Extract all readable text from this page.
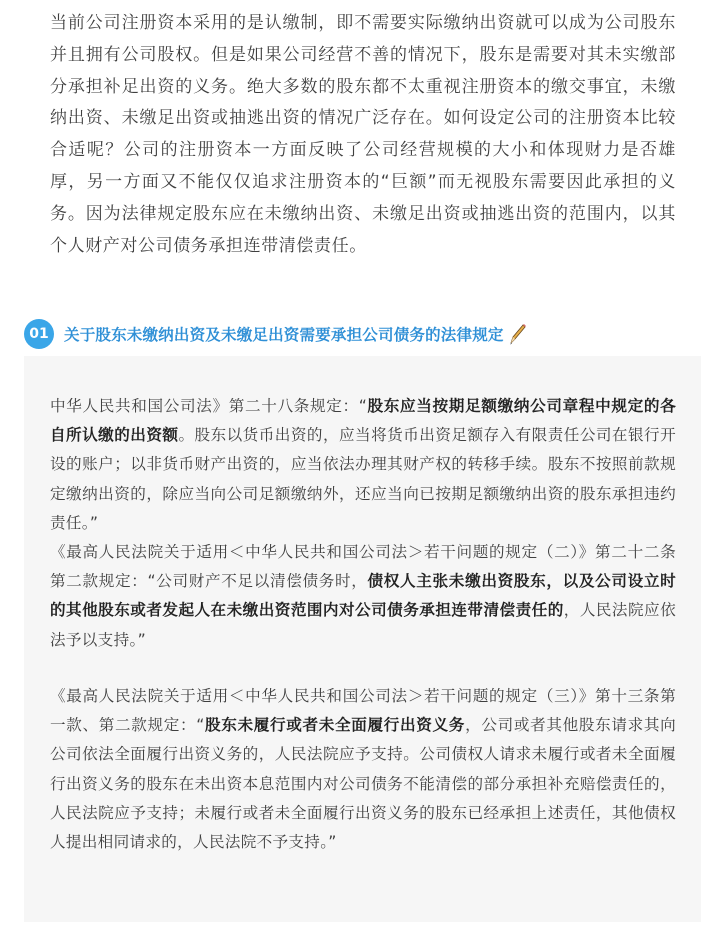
当前公司注册资本采用的是认缴制，即不需要实际缴纳出资就可以成为公司股东并且拥有公司股权。但是如果公司经营不善的情况下，股东是需要对其未实缴部分承担补足出资的义务。绝大多数的股东都不太重视注册资本的缴交事宜，未缴纳出资、未缴足出资或抽逃出资的情况广泛存在。如何设定公司的注册资本比较合适呢？公司的注册资本一方面反映了公司经营规模的大小和体现财力是否雄厚，另一方面又不能仅仅追求注册资本的“巨额”而无视股东需要因此承担的义务。因为法律规定股东应在未缴纳出资、未缴足出资或抽逃出资的范围内，以其个人财产对公司债务承担连带清偿责任。
01 关于股东未缴纳出资及未缴足出资需要承担公司债务的法律规定
中华人民共和国公司法》第二十八条规定：“股东应当按期足额缴纳公司章程中规定的各自所认缴的出资额。股东以货币出资的，应当将货币出资足额存入有限责任公司在银行开设的账户；以非货币财产出资的，应当依法办理其财产权的转移手续。股东不按照前款规定缴纳出资的，除应当向公司足额缴纳外，还应当向已按期足额缴纳出资的股东承担违约责任。”
《最高人民法院关于适用＜中华人民共和国公司法＞若干问题的规定（二）》第二十二条第二款规定：“公司财产不足以清偿债务时，债权人主张未缴出资股东，以及公司设立时的其他股东或者发起人在未缴出资范围内对公司债务承担连带清偿责任的，人民法院应依法予以支持。”
《最高人民法院关于适用＜中华人民共和国公司法＞若干问题的规定（三）》第十三条第一款、第二款规定：“股东未履行或者未全面履行出资义务，公司或者其他股东请求其向公司依法全面履行出资义务的，人民法院应予支持。公司债权人请求未履行或者未全面履行出资义务的股东在未出资本息范围内对公司债务不能清偿的部分承担补充赔偿责任的，人民法院应予支持；未履行或者未全面履行出资义务的股东已经承担上述责任，其他债权人提出相同请求的，人民法院不予支持。”
